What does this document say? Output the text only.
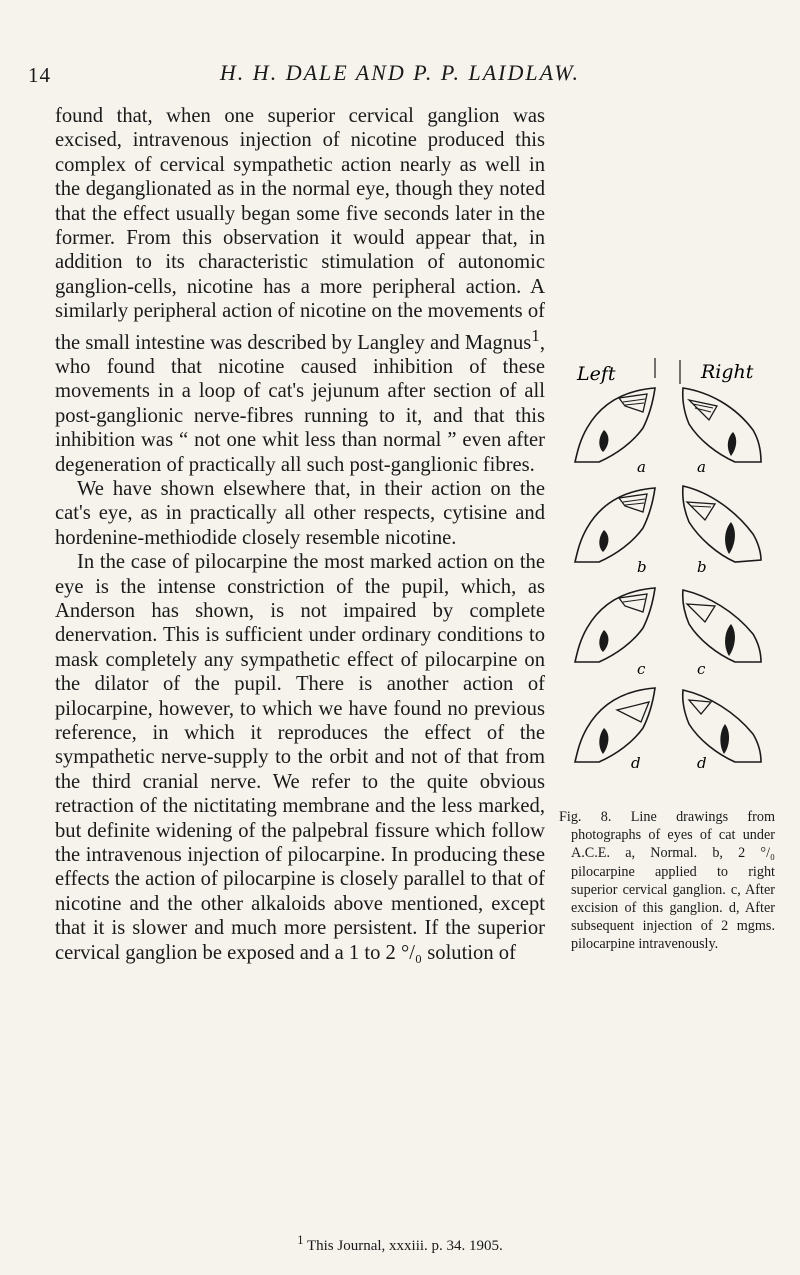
14	H. H. DALE AND P. P. LAIDLAW.
Left	Right
a	a
b	b
c	c
d	d
Fig. 8. Line drawings from photographs of eyes of cat under A.C.E. a, Normal. b, 2 °/₀ pilocarpine applied to right superior cervical ganglion. c, After excision of this ganglion. d, After subsequent injection of 2 mgms. pilocarpine intravenously.

found that, when one superior cervical ganglion was excised, intravenous injection of nicotine produced this complex of cervical sympathetic action nearly as well in the deganglionated as in the normal eye, though they noted that the effect usually began some five seconds later in the former. From this observation it would appear that, in addition to its characteristic stimulation of autonomic ganglion-cells, nicotine has a more peripheral action. A similarly peripheral action of nicotine on the movements of the small intestine was described by Langley and Magnus$^1$, who found that nicotine caused inhibition of these movements in a loop of cat's jejunum after section of all post-ganglionic nerve-fibres running to it, and that this inhibition was “ not one whit less than normal ” even after degeneration of practically all such post-ganglionic fibres.

We have shown elsewhere that, in their action on the cat's eye, as in practically all other respects, cytisine and hordenine-methiodide closely resemble nicotine.

In the case of pilocarpine the most marked action on the eye is the intense constriction of the pupil, which, as Anderson has shown, is not impaired by complete denervation. This is sufficient under ordinary conditions to mask completely any sympathetic effect of pilocarpine on the dilator of the pupil. There is another action of pilocarpine, however, to which we have found no previous reference, in which it reproduces the effect of the sympathetic nerve-supply to the orbit and not of that from the third cranial nerve. We refer to the quite obvious retraction of the nictitating membrane and the less marked, but definite widening of the palpebral fissure which follow the intravenous injection of pilocarpine. In producing these effects the action of pilocarpine is closely parallel to that of nicotine and the other alkaloids above mentioned, except that it is slower and much more persistent. If the superior cervical ganglion be exposed and a 1 to 2 °/₀ solution of

$^1$ This Journal, xxxiii. p. 34. 1905.
